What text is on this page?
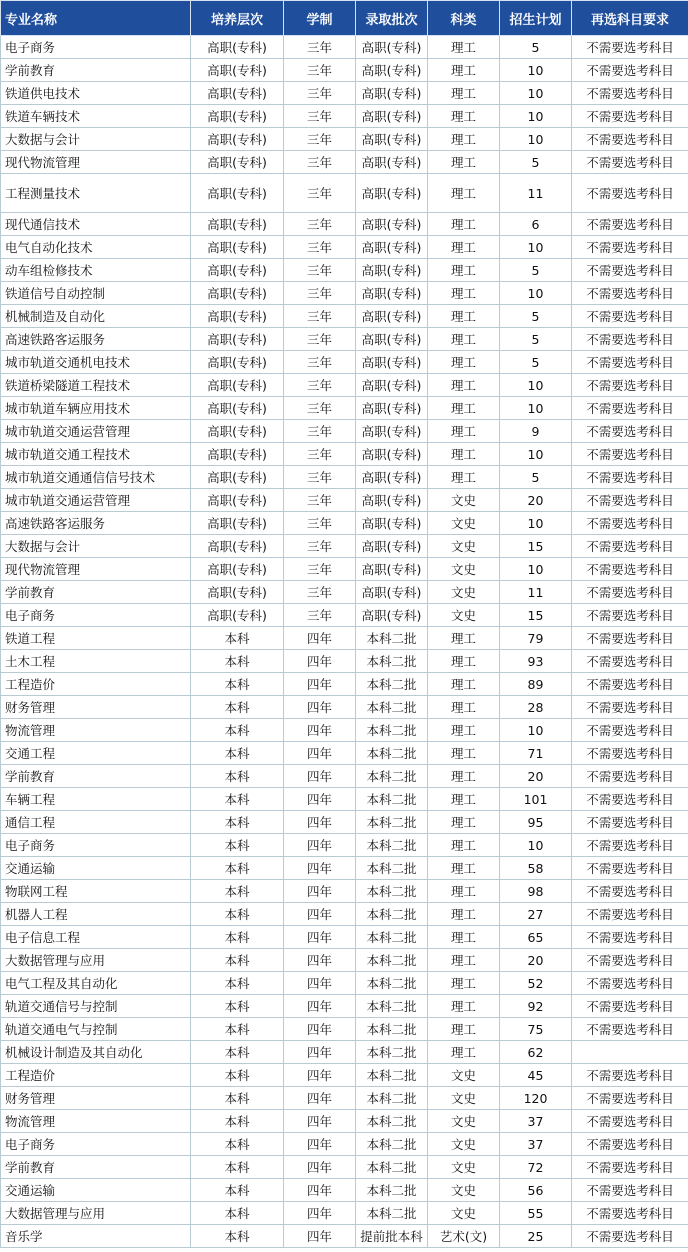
专业名称	培养层次	学制	录取批次	科类	招生计划	再选科目要求
电子商务	高职(专科)	三年	高职(专科)	理工	5	不需要选考科目
学前教育	高职(专科)	三年	高职(专科)	理工	10	不需要选考科目
铁道供电技术	高职(专科)	三年	高职(专科)	理工	10	不需要选考科目
铁道车辆技术	高职(专科)	三年	高职(专科)	理工	10	不需要选考科目
大数据与会计	高职(专科)	三年	高职(专科)	理工	10	不需要选考科目
现代物流管理	高职(专科)	三年	高职(专科)	理工	5	不需要选考科目
工程测量技术	高职(专科)	三年	高职(专科)	理工	11	不需要选考科目
现代通信技术	高职(专科)	三年	高职(专科)	理工	6	不需要选考科目
电气自动化技术	高职(专科)	三年	高职(专科)	理工	10	不需要选考科目
动车组检修技术	高职(专科)	三年	高职(专科)	理工	5	不需要选考科目
铁道信号自动控制	高职(专科)	三年	高职(专科)	理工	10	不需要选考科目
机械制造及自动化	高职(专科)	三年	高职(专科)	理工	5	不需要选考科目
高速铁路客运服务	高职(专科)	三年	高职(专科)	理工	5	不需要选考科目
城市轨道交通机电技术	高职(专科)	三年	高职(专科)	理工	5	不需要选考科目
铁道桥梁隧道工程技术	高职(专科)	三年	高职(专科)	理工	10	不需要选考科目
城市轨道车辆应用技术	高职(专科)	三年	高职(专科)	理工	10	不需要选考科目
城市轨道交通运营管理	高职(专科)	三年	高职(专科)	理工	9	不需要选考科目
城市轨道交通工程技术	高职(专科)	三年	高职(专科)	理工	10	不需要选考科目
城市轨道交通通信信号技术	高职(专科)	三年	高职(专科)	理工	5	不需要选考科目
城市轨道交通运营管理	高职(专科)	三年	高职(专科)	文史	20	不需要选考科目
高速铁路客运服务	高职(专科)	三年	高职(专科)	文史	10	不需要选考科目
大数据与会计	高职(专科)	三年	高职(专科)	文史	15	不需要选考科目
现代物流管理	高职(专科)	三年	高职(专科)	文史	10	不需要选考科目
学前教育	高职(专科)	三年	高职(专科)	文史	11	不需要选考科目
电子商务	高职(专科)	三年	高职(专科)	文史	15	不需要选考科目
铁道工程	本科	四年	本科二批	理工	79	不需要选考科目
土木工程	本科	四年	本科二批	理工	93	不需要选考科目
工程造价	本科	四年	本科二批	理工	89	不需要选考科目
财务管理	本科	四年	本科二批	理工	28	不需要选考科目
物流管理	本科	四年	本科二批	理工	10	不需要选考科目
交通工程	本科	四年	本科二批	理工	71	不需要选考科目
学前教育	本科	四年	本科二批	理工	20	不需要选考科目
车辆工程	本科	四年	本科二批	理工	101	不需要选考科目
通信工程	本科	四年	本科二批	理工	95	不需要选考科目
电子商务	本科	四年	本科二批	理工	10	不需要选考科目
交通运输	本科	四年	本科二批	理工	58	不需要选考科目
物联网工程	本科	四年	本科二批	理工	98	不需要选考科目
机器人工程	本科	四年	本科二批	理工	27	不需要选考科目
电子信息工程	本科	四年	本科二批	理工	65	不需要选考科目
大数据管理与应用	本科	四年	本科二批	理工	20	不需要选考科目
电气工程及其自动化	本科	四年	本科二批	理工	52	不需要选考科目
轨道交通信号与控制	本科	四年	本科二批	理工	92	不需要选考科目
轨道交通电气与控制	本科	四年	本科二批	理工	75	不需要选考科目
机械设计制造及其自动化	本科	四年	本科二批	理工	62	
工程造价	本科	四年	本科二批	文史	45	不需要选考科目
财务管理	本科	四年	本科二批	文史	120	不需要选考科目
物流管理	本科	四年	本科二批	文史	37	不需要选考科目
电子商务	本科	四年	本科二批	文史	37	不需要选考科目
学前教育	本科	四年	本科二批	文史	72	不需要选考科目
交通运输	本科	四年	本科二批	文史	56	不需要选考科目
大数据管理与应用	本科	四年	本科二批	文史	55	不需要选考科目
音乐学	本科	四年	提前批本科	艺术(文)	25	不需要选考科目
